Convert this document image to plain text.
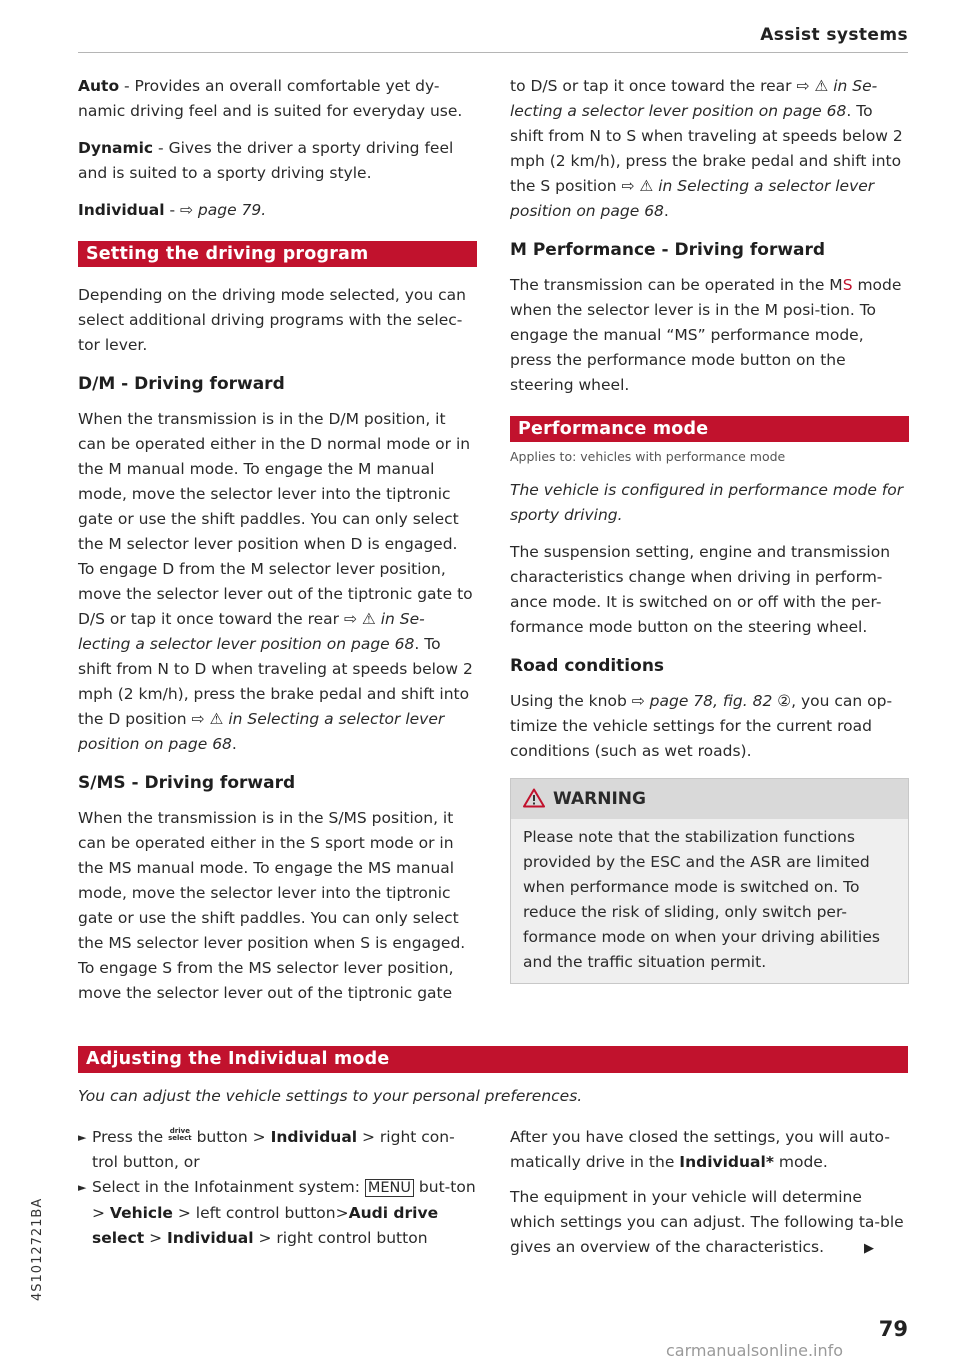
Assist systems

Auto - Provides an overall comfortable yet dy-namic driving feel and is suited for everyday use.

Dynamic - Gives the driver a sporty driving feel and is suited to a sporty driving style.

Individual - ⇨ page 79.

Setting the driving program

Depending on the driving mode selected, you can select additional driving programs with the selec-tor lever.

D/M - Driving forward

When the transmission is in the D/M position, it can be operated either in the D normal mode or in the M manual mode. To engage the M manual mode, move the selector lever into the tiptronic gate or use the shift paddles. You can only select the M selector lever position when D is engaged. To engage D from the M selector lever position, move the selector lever out of the tiptronic gate to D/S or tap it once toward the rear ⇨ ⚠ in Se-lecting a selector lever position on page 68. To shift from N to D when traveling at speeds below 2 mph (2 km/h), press the brake pedal and shift into the D position ⇨ ⚠ in Selecting a selector lever position on page 68.

S/MS - Driving forward

When the transmission is in the S/MS position, it can be operated either in the S sport mode or in the MS manual mode. To engage the MS manual mode, move the selector lever into the tiptronic gate or use the shift paddles. You can only select the MS selector lever position when S is engaged. To engage S from the MS selector lever position, move the selector lever out of the tiptronic gate

to D/S or tap it once toward the rear ⇨ ⚠ in Se-lecting a selector lever position on page 68. To shift from N to S when traveling at speeds below 2 mph (2 km/h), press the brake pedal and shift into the S position ⇨ ⚠ in Selecting a selector lever position on page 68.

M Performance - Driving forward

The transmission can be operated in the MS mode when the selector lever is in the M posi-tion. To engage the manual “MS” performance mode, press the performance mode button on the steering wheel.

Performance mode
Applies to: vehicles with performance mode

The vehicle is configured in performance mode for sporty driving.

The suspension setting, engine and transmission characteristics change when driving in perform-ance mode. It is switched on or off with the per-formance mode button on the steering wheel.

Road conditions

Using the knob ⇨ page 78, fig. 82 ②, you can op-timize the vehicle settings for the current road conditions (such as wet roads).

WARNING
Please note that the stabilization functions provided by the ESC and the ASR are limited when performance mode is switched on. To reduce the risk of sliding, only switch per-formance mode on when your driving abilities and the traffic situation permit.
Adjusting the Individual mode
You can adjust the vehicle settings to your personal preferences.
► Press the drive
select button > Individual > right con-trol button, or
► Select in the Infotainment system: MENU but-ton > Vehicle > left control button>Audi drive select > Individual > right control button

After you have closed the settings, you will auto-matically drive in the Individual* mode.

The equipment in your vehicle will determine which settings you can adjust. The following ta-ble gives an overview of the characteristics.	▶

4S1012721BA
79
carmanualsonline.info
